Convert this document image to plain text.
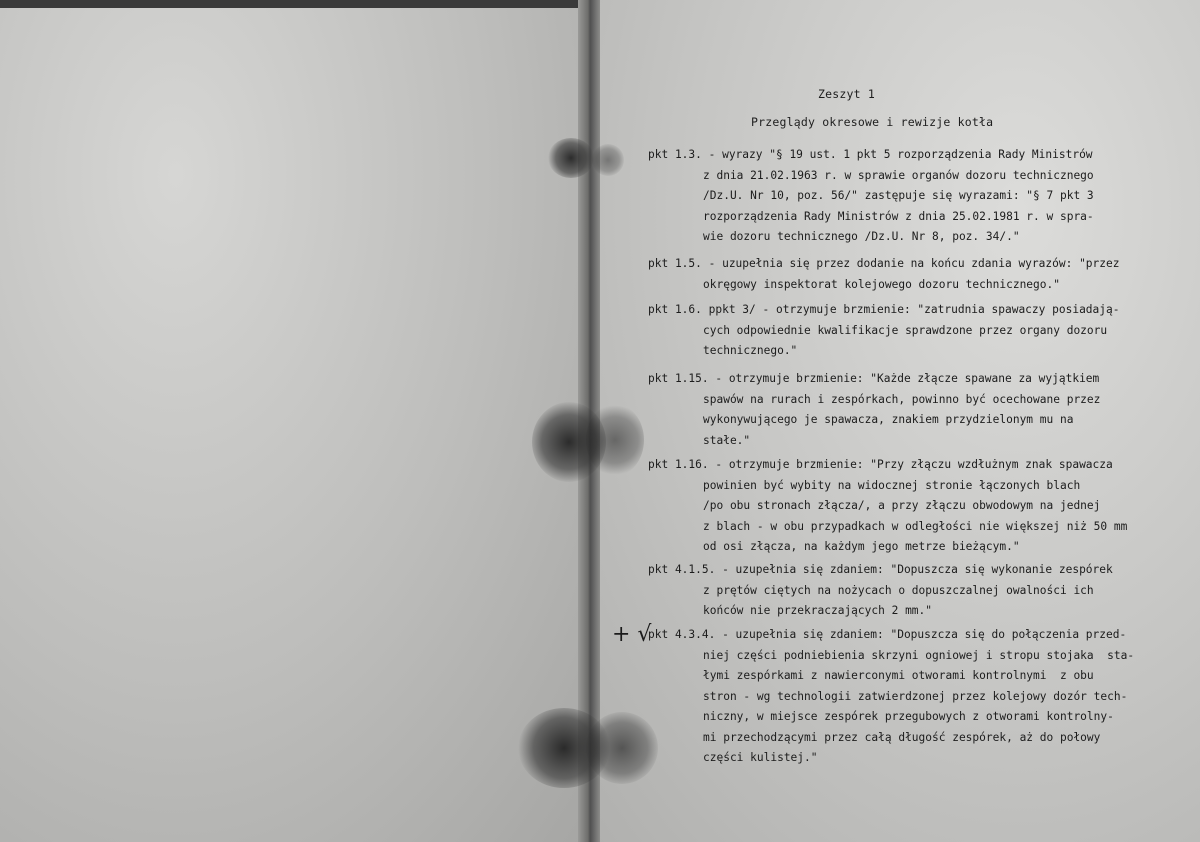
Zeszyt 1
Przeglądy okresowe i rewizje kotła
+ √
pkt 1.3. - wyrazy "§ 19 ust. 1 pkt 5 rozporządzenia Rady Ministrów
z dnia 21.02.1963 r. w sprawie organów dozoru technicznego
/Dz.U. Nr 10, poz. 56/" zastępuje się wyrazami: "§ 7 pkt 3
rozporządzenia Rady Ministrów z dnia 25.02.1981 r. w spra-
wie dozoru technicznego /Dz.U. Nr 8, poz. 34/."
pkt 1.5. - uzupełnia się przez dodanie na końcu zdania wyrazów: "przez
okręgowy inspektorat kolejowego dozoru technicznego."
pkt 1.6. ppkt 3/ - otrzymuje brzmienie: "zatrudnia spawaczy posiadają-
cych odpowiednie kwalifikacje sprawdzone przez organy dozoru
technicznego."
pkt 1.15. - otrzymuje brzmienie: "Każde złącze spawane za wyjątkiem
spawów na rurach i zespórkach, powinno być ocechowane przez
wykonywującego je spawacza, znakiem przydzielonym mu na
stałe."
pkt 1.16. - otrzymuje brzmienie: "Przy złączu wzdłużnym znak spawacza
powinien być wybity na widocznej stronie łączonych blach
/po obu stronach złącza/, a przy złączu obwodowym na jednej
z blach - w obu przypadkach w odległości nie większej niż 50 mm
od osi złącza, na każdym jego metrze bieżącym."
pkt 4.1.5. - uzupełnia się zdaniem: "Dopuszcza się wykonanie zespórek
z prętów ciętych na nożycach o dopuszczalnej owalności ich
końców nie przekraczających 2 mm."
pkt 4.3.4. - uzupełnia się zdaniem: "Dopuszcza się do połączenia przed-
niej części podniebienia skrzyni ogniowej i stropu stojaka  sta-
łymi zespórkami z nawierconymi otworami kontrolnymi  z obu
stron - wg technologii zatwierdzonej przez kolejowy dozór tech-
niczny, w miejsce zespórek przegubowych z otworami kontrolny-
mi przechodzącymi przez całą długość zespórek, aż do połowy
części kulistej."
